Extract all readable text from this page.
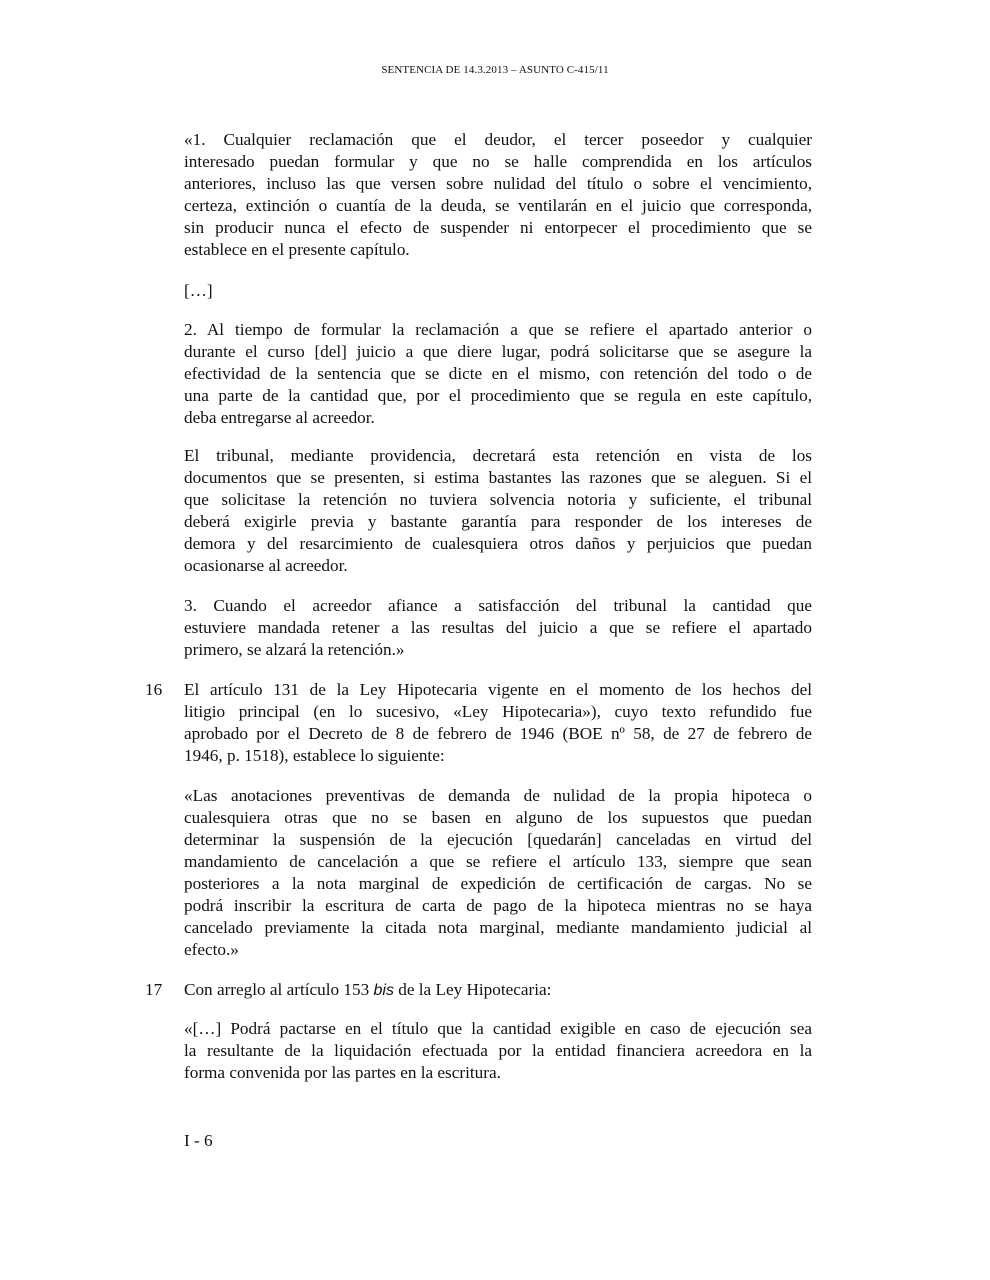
SENTENCIA DE 14.3.2013 – ASUNTO C-415/11
«1. Cualquier reclamación que el deudor, el tercer poseedor y cualquier
interesado puedan formular y que no se halle comprendida en los artículos
anteriores, incluso las que versen sobre nulidad del título o sobre el vencimiento,
certeza, extinción o cuantía de la deuda, se ventilarán en el juicio que corresponda,
sin producir nunca el efecto de suspender ni entorpecer el procedimiento que se
establece en el presente capítulo.
[…]
2. Al tiempo de formular la reclamación a que se refiere el apartado anterior o
durante el curso [del] juicio a que diere lugar, podrá solicitarse que se asegure la
efectividad de la sentencia que se dicte en el mismo, con retención del todo o de
una parte de la cantidad que, por el procedimiento que se regula en este capítulo,
deba entregarse al acreedor.
El tribunal, mediante providencia, decretará esta retención en vista de los
documentos que se presenten, si estima bastantes las razones que se aleguen. Si el
que solicitase la retención no tuviera solvencia notoria y suficiente, el tribunal
deberá exigirle previa y bastante garantía para responder de los intereses de
demora y del resarcimiento de cualesquiera otros daños y perjuicios que puedan
ocasionarse al acreedor.
3. Cuando el acreedor afiance a satisfacción del tribunal la cantidad que
estuviere mandada retener a las resultas del juicio a que se refiere el apartado
primero, se alzará la retención.»
16 El artículo 131 de la Ley Hipotecaria vigente en el momento de los hechos del
litigio principal (en lo sucesivo, «Ley Hipotecaria»), cuyo texto refundido fue
aprobado por el Decreto de 8 de febrero de 1946 (BOE nº 58, de 27 de febrero de
1946, p. 1518), establece lo siguiente:
«Las anotaciones preventivas de demanda de nulidad de la propia hipoteca o
cualesquiera otras que no se basen en alguno de los supuestos que puedan
determinar la suspensión de la ejecución [quedarán] canceladas en virtud del
mandamiento de cancelación a que se refiere el artículo 133, siempre que sean
posteriores a la nota marginal de expedición de certificación de cargas. No se
podrá inscribir la escritura de carta de pago de la hipoteca mientras no se haya
cancelado previamente la citada nota marginal, mediante mandamiento judicial al
efecto.»
17 Con arreglo al artículo 153 bis de la Ley Hipotecaria:
«[…] Podrá pactarse en el título que la cantidad exigible en caso de ejecución sea
la resultante de la liquidación efectuada por la entidad financiera acreedora en la
forma convenida por las partes en la escritura.
I - 6
